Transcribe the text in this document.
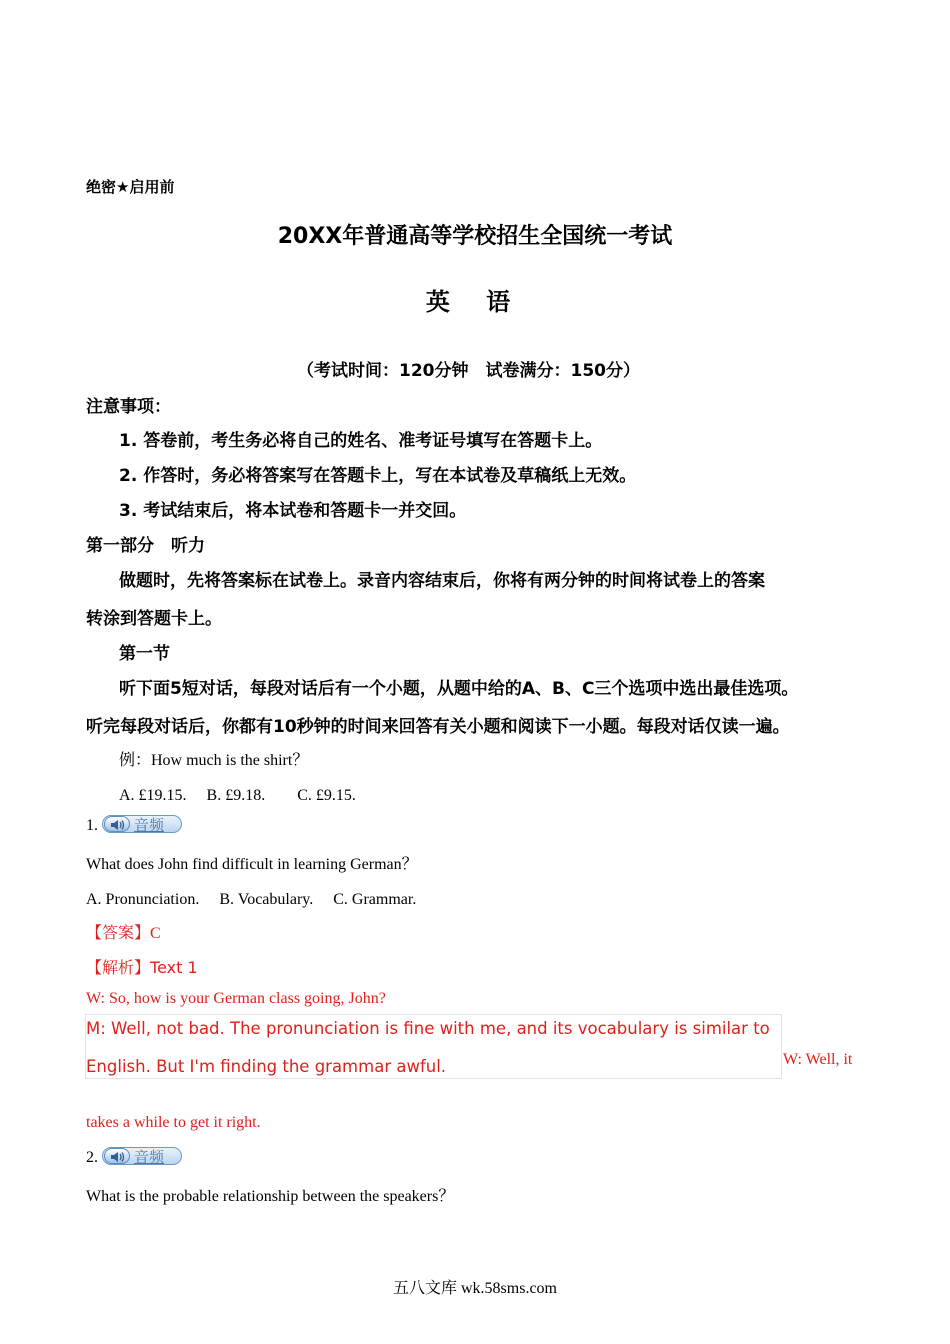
绝密★启用前
20XX年普通高等学校招生全国统一考试
英 语
（考试时间：120分钟　试卷满分：150分）
注意事项：
1. 答卷前，考生务必将自己的姓名、准考证号填写在答题卡上。
2. 作答时，务必将答案写在答题卡上，写在本试卷及草稿纸上无效。
3. 考试结束后，将本试卷和答题卡一并交回。
第一部分　听力
做题时，先将答案标在试卷上。录音内容结束后，你将有两分钟的时间将试卷上的答案
转涂到答题卡上。
第一节
听下面5短对话，每段对话后有一个小题，从题中给的A、B、C三个选项中选出最佳选项。
听完每段对话后，你都有10秒钟的时间来回答有关小题和阅读下一小题。每段对话仅读一遍。
例：How much is the shirt？
A. £19.15.　 B. £9.18.　　C. £9.15.
1. 音频
What does John find difficult in learning German？
A. Pronunciation.　 B. Vocabulary.　 C. Grammar.
【答案】C
【解析】Text 1
W: So, how is your German class going, John?
M: Well, not bad. The pronunciation is fine with me, and its vocabulary is similar to
English. But I'm finding the grammar awful.	W: Well, it
takes a while to get it right.
2. 音频
What is the probable relationship between the speakers？
五八文库 wk.58sms.com
